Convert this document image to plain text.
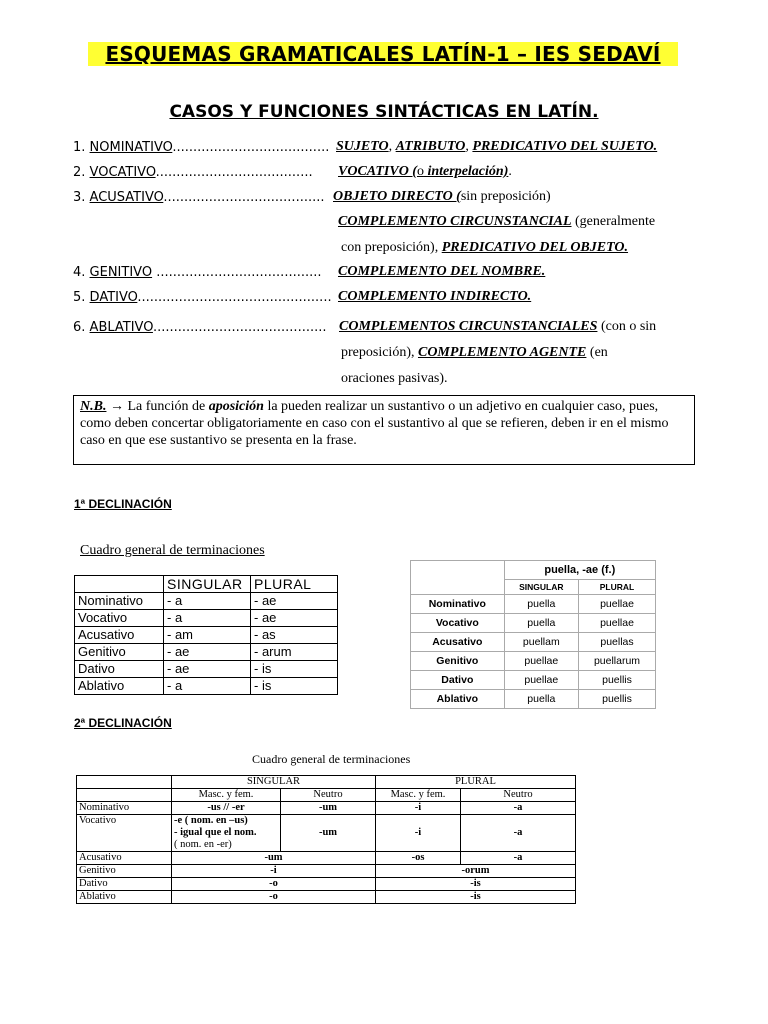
ESQUEMAS GRAMATICALES LATÍN-1 – IES SEDAVÍ
CASOS Y FUNCIONES SINTÁCTICAS EN LATÍN.
1. NOMINATIVO...................................... SUJETO, ATRIBUTO, PREDICATIVO DEL SUJETO.
2. VOCATIVO...................................... VOCATIVO (o interpelación).
3. ACUSATIVO....................................... OBJETO DIRECTO (sin preposición)
COMPLEMENTO CIRCUNSTANCIAL (generalmente
con preposición), PREDICATIVO DEL OBJETO.
4. GENITIVO ........................................ COMPLEMENTO DEL NOMBRE.
5. DATIVO............................................... COMPLEMENTO INDIRECTO.
6. ABLATIVO.......................................... COMPLEMENTOS CIRCUNSTANCIALES (con o sin
preposición), COMPLEMENTO AGENTE (en
oraciones pasivas).
N.B. → La función de aposición la pueden realizar un sustantivo o un adjetivo en cualquier caso, pues, como deben concertar obligatoriamente en caso con el sustantivo al que se refieren, deben ir en el mismo caso en que ese sustantivo se presenta en la frase.
1ª DECLINACIÓN
Cuadro general de terminaciones
	SINGULAR	PLURAL
Nominativo	- a	- ae
Vocativo	- a	- ae
Acusativo	- am	- as
Genitivo	- ae	- arum
Dativo	- ae	- is
Ablativo	- a	- is
	puella, -ae (f.)	
	SINGULAR	PLURAL
Nominativo	puella	puellae
Vocativo	puella	puellae
Acusativo	puellam	puellas
Genitivo	puellae	puellarum
Dativo	puellae	puellis
Ablativo	puella	puellis
2ª DECLINACIÓN
Cuadro general de terminaciones
	SINGULAR		PLURAL	
	Masc. y fem.	Neutro	Masc. y fem.	Neutro
Nominativo	-us // -er	-um	-i	-a
Vocativo	-e ( nom. en –us)
- igual que el nom.
( nom. en -er)	-um	-i	-a
Acusativo	-um		-os	-a
Genitivo	-i		-orum	
Dativo	-o		-is	
Ablativo	-o		-is	
